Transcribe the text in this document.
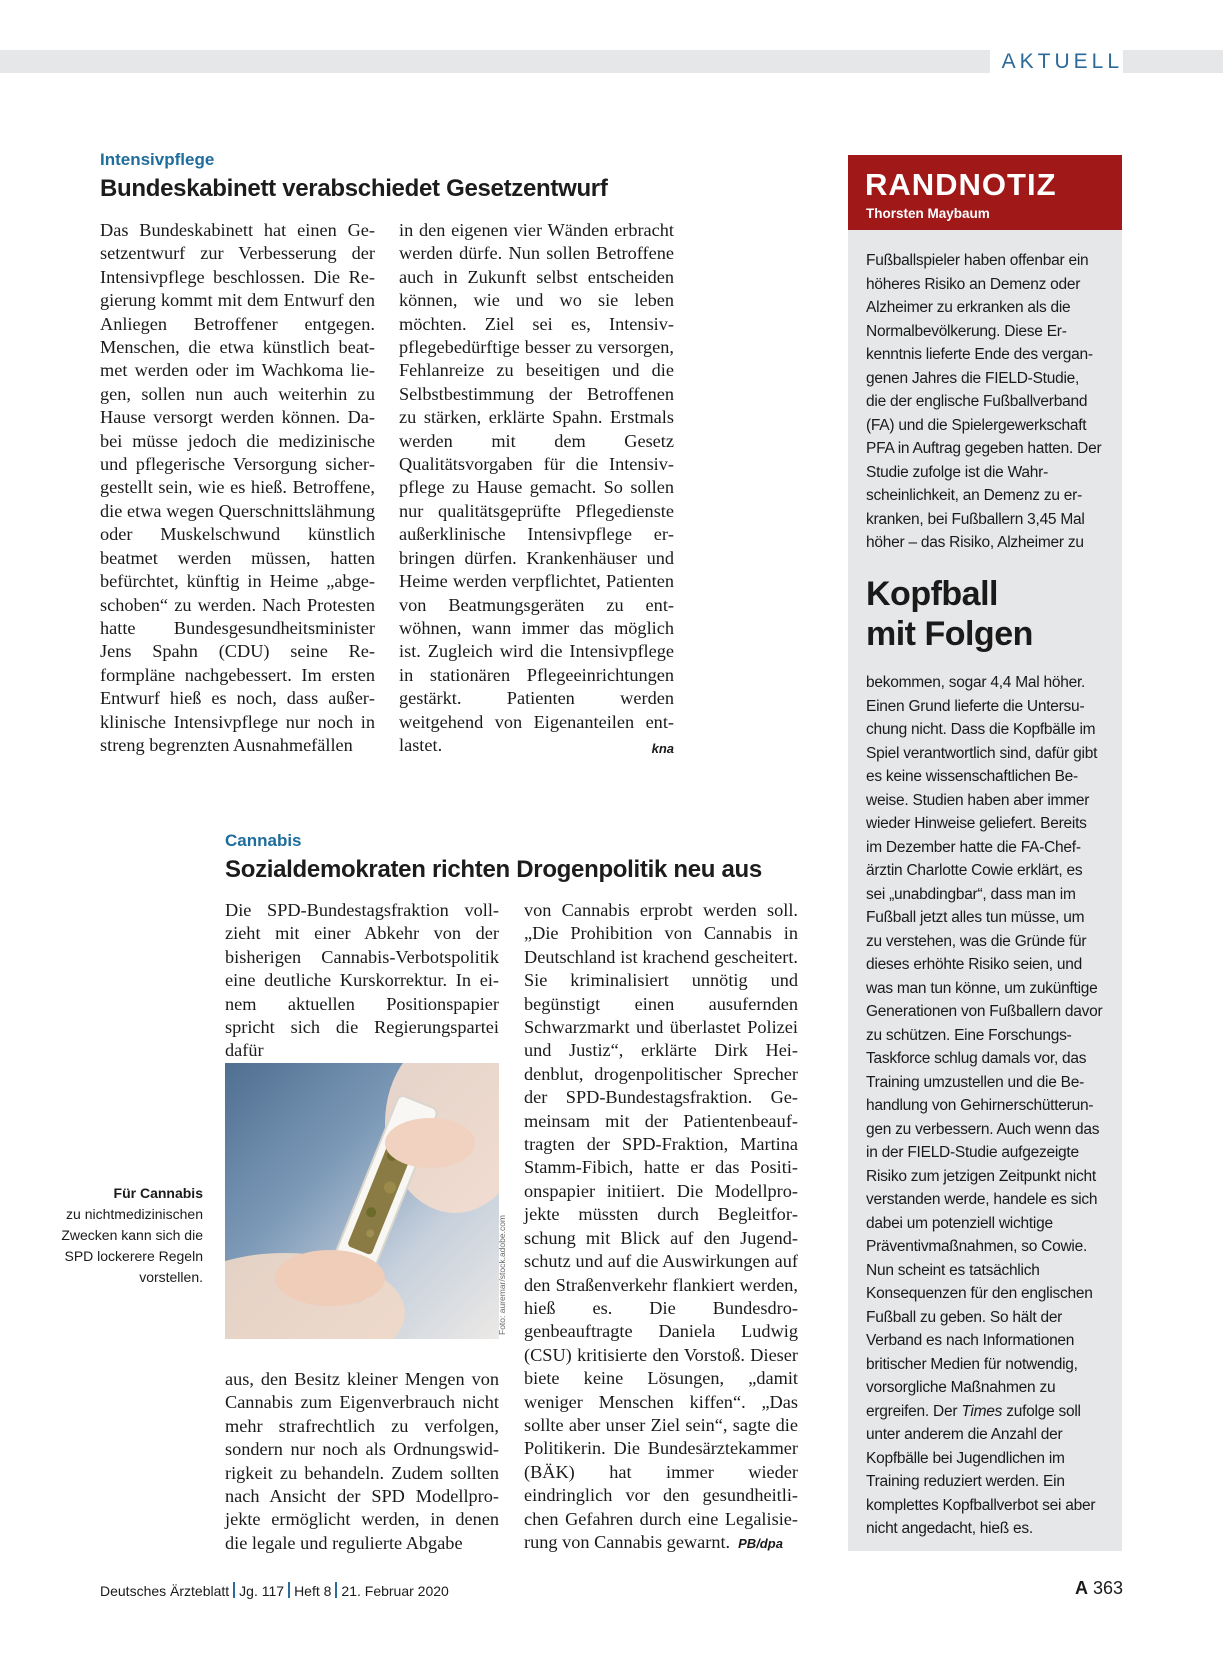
AKTUELL

Intensivpflege

Bundeskabinett verabschiedet Gesetzentwurf

Das Bundeskabinett hat einen Gesetzentwurf zur Verbesserung der Intensivpflege beschlossen. Die Regierung kommt mit dem Entwurf den Anliegen Betroffener entgegen. Menschen, die etwa künstlich beatmet werden oder im Wachkoma liegen, sollen nun auch weiterhin zu Hause versorgt werden können. Dabei müsse jedoch die medizinische und pflegerische Versorgung sichergestellt sein, wie es hieß. Betroffene, die etwa wegen Querschnittslähmung oder Muskelschwund künstlich beatmet werden müssen, hatten befürchtet, künftig in Heime „abgeschoben“ zu werden. Nach Protesten hatte Bundesgesundheitsminister Jens Spahn (CDU) seine Reformpläne nachgebessert. Im ersten Entwurf hieß es noch, dass außerklinische Intensivpflege nur noch in streng begrenzten Ausnahmefällen

in den eigenen vier Wänden erbracht werden dürfe. Nun sollen Betroffene auch in Zukunft selbst entscheiden können, wie und wo sie leben möchten. Ziel sei es, Intensivpflegebedürftige besser zu versorgen, Fehlanreize zu beseitigen und die Selbstbestimmung der Betroffenen zu stärken, erklärte Spahn. Erstmals werden mit dem Gesetz Qualitätsvorgaben für die Intensivpflege zu Hause gemacht. So sollen nur qualitätsgeprüfte Pflegedienste außerklinische Intensivpflege erbringen dürfen. Krankenhäuser und Heime werden verpflichtet, Patienten von Beatmungsgeräten zu entwöhnen, wann immer das möglich ist. Zugleich wird die Intensivpflege in stationären Pflegeeinrichtungen gestärkt. Patienten werden weitgehend von Eigenanteilen entlastet.	kna

Cannabis

Sozialdemokraten richten Drogenpolitik neu aus

Die SPD-Bundestagsfraktion vollzieht mit einer Abkehr von der bisherigen Cannabis-Verbotspolitik eine deutliche Kurskorrektur. In einem aktuellen Positionspapier spricht sich die Regierungspartei dafür

Foto: auremar/stock.adobe.com

Für Cannabis
zu nichtmedizinischen Zwecken kann sich die SPD lockerere Regeln vorstellen.

aus, den Besitz kleiner Mengen von Cannabis zum Eigenverbrauch nicht mehr strafrechtlich zu verfolgen, sondern nur noch als Ordnungswidrigkeit zu behandeln. Zudem sollten nach Ansicht der SPD Modellprojekte ermöglicht werden, in denen die legale und regulierte Abgabe

von Cannabis erprobt werden soll. „Die Prohibition von Cannabis in Deutschland ist krachend gescheitert. Sie kriminalisiert unnötig und begünstigt einen ausufernden Schwarzmarkt und überlastet Polizei und Justiz“, erklärte Dirk Heidenblut, drogenpolitischer Sprecher der SPD-Bundestagsfraktion. Gemeinsam mit der Patientenbeauftragten der SPD-Fraktion, Martina Stamm-Fibich, hatte er das Positionspapier initiiert. Die Modellprojekte müssten durch Begleitforschung mit Blick auf den Jugendschutz und auf die Auswirkungen auf den Straßenverkehr flankiert werden, hieß es. Die Bundesdrogenbeauftragte Daniela Ludwig (CSU) kritisierte den Vorstoß. Dieser biete keine Lösungen, „damit weniger Menschen kiffen“. „Das sollte aber unser Ziel sein“, sagte die Politikerin. Die Bundesärztekammer (BÄK) hat immer wieder eindringlich vor den gesundheitlichen Gefahren durch eine Legalisierung von Cannabis gewarnt. PB/dpa
RANDNOTIZ

Thorsten Maybaum

Fußballspieler haben offenbar ein höheres Risiko an Demenz oder Alzheimer zu erkranken als die Normalbevölkerung. Diese Erkenntnis lieferte Ende des vergangenen Jahres die FIELD-Studie, die der englische Fußballverband (FA) und die Spielergewerkschaft PFA in Auftrag gegeben hatten. Der Studie zufolge ist die Wahrscheinlichkeit, an Demenz zu erkranken, bei Fußballern 3,45 Mal höher – das Risiko, Alzheimer zu

Kopfball
mit Folgen

bekommen, sogar 4,4 Mal höher. Einen Grund lieferte die Untersuchung nicht. Dass die Kopfbälle im Spiel verantwortlich sind, dafür gibt es keine wissenschaftlichen Beweise. Studien haben aber immer wieder Hinweise geliefert. Bereits im Dezember hatte die FA-Chefärztin Charlotte Cowie erklärt, es sei „unabdingbar“, dass man im Fußball jetzt alles tun müsse, um zu verstehen, was die Gründe für dieses erhöhte Risiko seien, und was man tun könne, um zukünftige Generationen von Fußballern davor zu schützen. Eine Forschungs-Taskforce schlug damals vor, das Training umzustellen und die Behandlung von Gehirnerschütterungen zu verbessern. Auch wenn das in der FIELD-Studie aufgezeigte Risiko zum jetzigen Zeitpunkt nicht verstanden werde, handele es sich dabei um potenziell wichtige Präventivmaßnahmen, so Cowie. Nun scheint es tatsächlich Konsequenzen für den englischen Fußball zu geben. So hält der Verband es nach Informationen britischer Medien für notwendig, vorsorgliche Maßnahmen zu ergreifen. Der Times zufolge soll unter anderem die Anzahl der Kopfbälle bei Jugendlichen im Training reduziert werden. Ein komplettes Kopfballverbot sei aber nicht angedacht, hieß es.

Deutsches Ärzteblatt Jg. 117 Heft 8 21. Februar 2020	A 363
